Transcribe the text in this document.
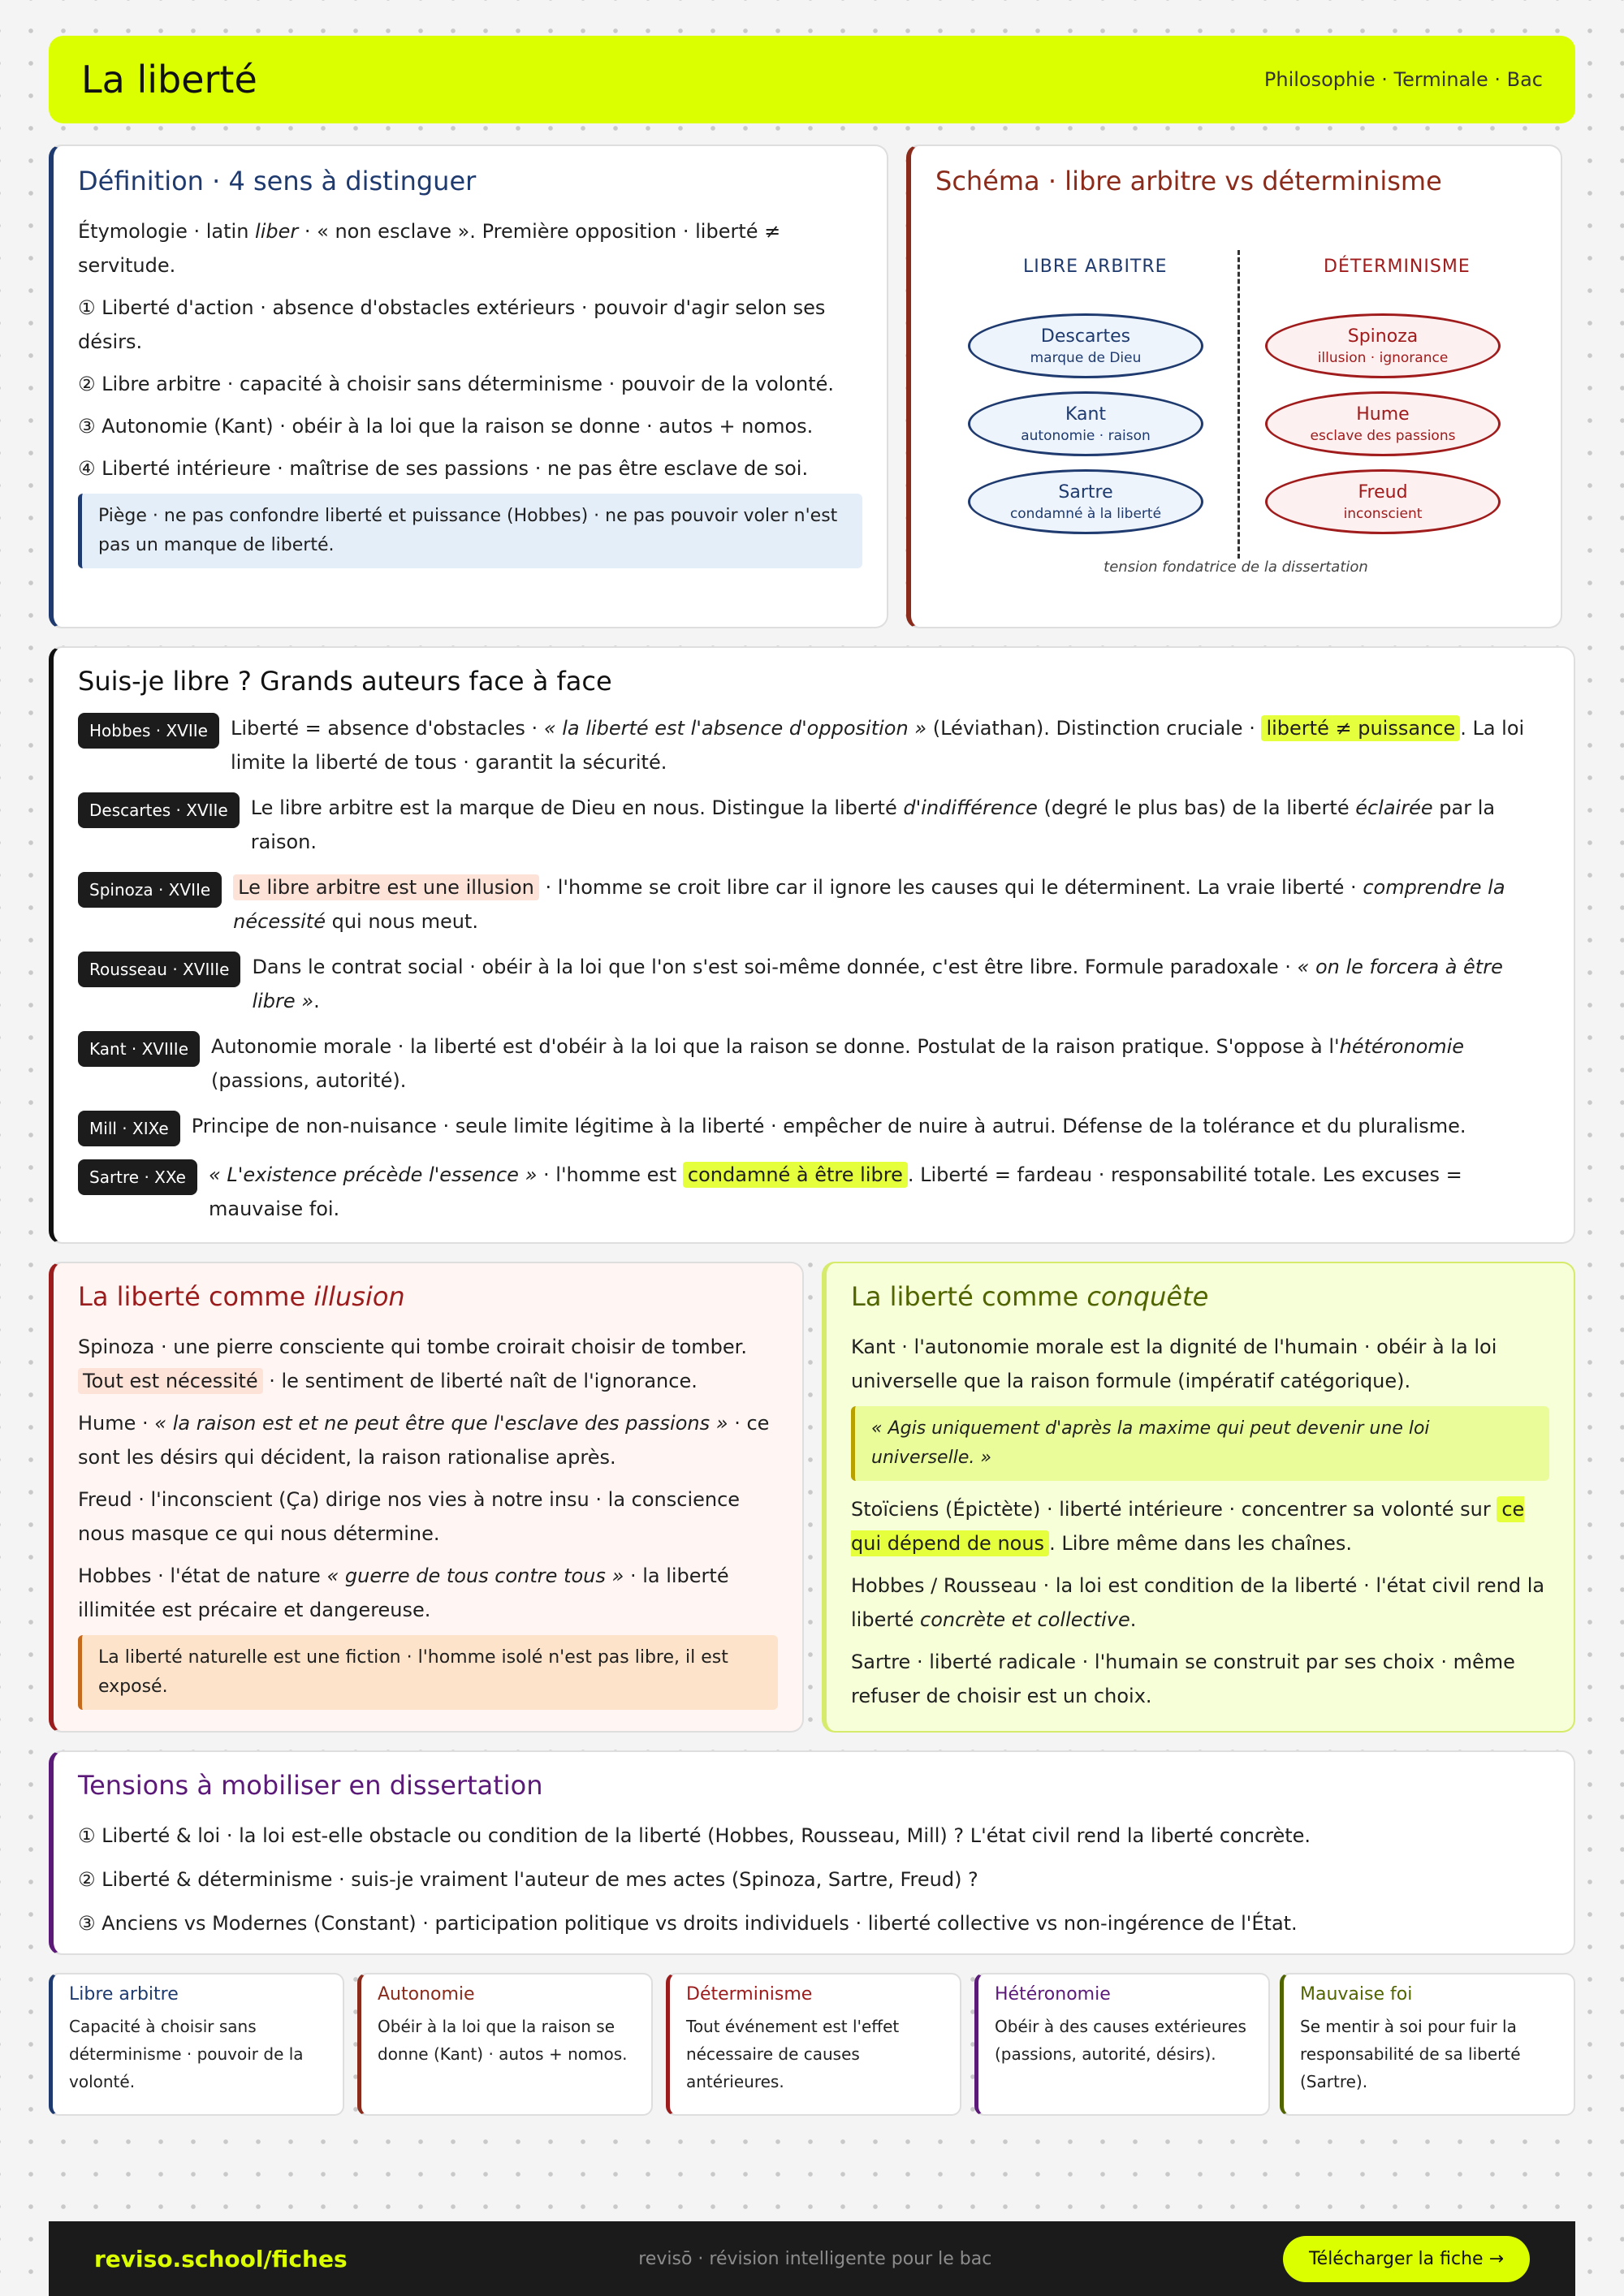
La liberté	Philosophie · Terminale · Bac
Définition · 4 sens à distinguer

Étymologie · latin liber · « non esclave ». Première opposition · liberté ≠ servitude.

① Liberté d'action · absence d'obstacles extérieurs · pouvoir d'agir selon ses désirs.

② Libre arbitre · capacité à choisir sans déterminisme · pouvoir de la volonté.

③ Autonomie (Kant) · obéir à la loi que la raison se donne · autos + nomos.

④ Liberté intérieure · maîtrise de ses passions · ne pas être esclave de soi.

Piège · ne pas confondre liberté et puissance (Hobbes) · ne pas pouvoir voler n'est pas un manque de liberté.
Schéma · libre arbitre vs déterminisme
LIBRE ARBITRE	DÉTERMINISME
Descartes
marque de Dieu
Kant
autonomie · raison
Sartre
condamné à la liberté
Spinoza
illusion · ignorance
Hume
esclave des passions
Freud
inconscient
tension fondatrice de la dissertation
Suis-je libre ? Grands auteurs face à face
Hobbes · XVIIe	Liberté = absence d'obstacles · « la liberté est l'absence d'opposition » (Léviathan). Distinction cruciale · liberté ≠ puissance . La loi limite la liberté de tous · garantit la sécurité.
Descartes · XVIIe	Le libre arbitre est la marque de Dieu en nous. Distingue la liberté d'indifférence (degré le plus bas) de la liberté éclairée par la raison.
Spinoza · XVIIe	Le libre arbitre est une illusion · l'homme se croit libre car il ignore les causes qui le déterminent. La vraie liberté · comprendre la nécessité qui nous meut.
Rousseau · XVIIIe	Dans le contrat social · obéir à la loi que l'on s'est soi-même donnée, c'est être libre. Formule paradoxale · « on le forcera à être libre ».
Kant · XVIIIe	Autonomie morale · la liberté est d'obéir à la loi que la raison se donne. Postulat de la raison pratique. S'oppose à l'hétéronomie (passions, autorité).
Mill · XIXe	Principe de non-nuisance · seule limite légitime à la liberté · empêcher de nuire à autrui. Défense de la tolérance et du pluralisme.
Sartre · XXe	« L'existence précède l'essence » · l'homme est condamné à être libre . Liberté = fardeau · responsabilité totale. Les excuses = mauvaise foi.
La liberté comme illusion

Spinoza · une pierre consciente qui tombe croirait choisir de tomber. Tout est nécessité · le sentiment de liberté naît de l'ignorance.

Hume · « la raison est et ne peut être que l'esclave des passions » · ce sont les désirs qui décident, la raison rationalise après.

Freud · l'inconscient (Ça) dirige nos vies à notre insu · la conscience nous masque ce qui nous détermine.

Hobbes · l'état de nature « guerre de tous contre tous » · la liberté illimitée est précaire et dangereuse.

La liberté naturelle est une fiction · l'homme isolé n'est pas libre, il est exposé.
La liberté comme conquête

Kant · l'autonomie morale est la dignité de l'humain · obéir à la loi universelle que la raison formule (impératif catégorique).

« Agis uniquement d'après la maxime qui peut devenir une loi universelle. »

Stoïciens (Épictète) · liberté intérieure · concentrer sa volonté sur ce qui dépend de nous . Libre même dans les chaînes.

Hobbes / Rousseau · la loi est condition de la liberté · l'état civil rend la liberté concrète et collective.

Sartre · liberté radicale · l'humain se construit par ses choix · même refuser de choisir est un choix.

Tensions à mobiliser en dissertation

① Liberté & loi · la loi est-elle obstacle ou condition de la liberté (Hobbes, Rousseau, Mill) ? L'état civil rend la liberté concrète.

② Liberté & déterminisme · suis-je vraiment l'auteur de mes actes (Spinoza, Sartre, Freud) ?

③ Anciens vs Modernes (Constant) · participation politique vs droits individuels · liberté collective vs non-ingérence de l'État.

Libre arbitre
Capacité à choisir sans déterminisme · pouvoir de la volonté.
Autonomie
Obéir à la loi que la raison se donne (Kant) · autos + nomos.
Déterminisme
Tout événement est l'effet nécessaire de causes antérieures.
Hétéronomie
Obéir à des causes extérieures (passions, autorité, désirs).
Mauvaise foi
Se mentir à soi pour fuir la responsabilité de sa liberté (Sartre).
reviso.school/fiches	revisō · révision intelligente pour le bac	Télécharger la fiche →
